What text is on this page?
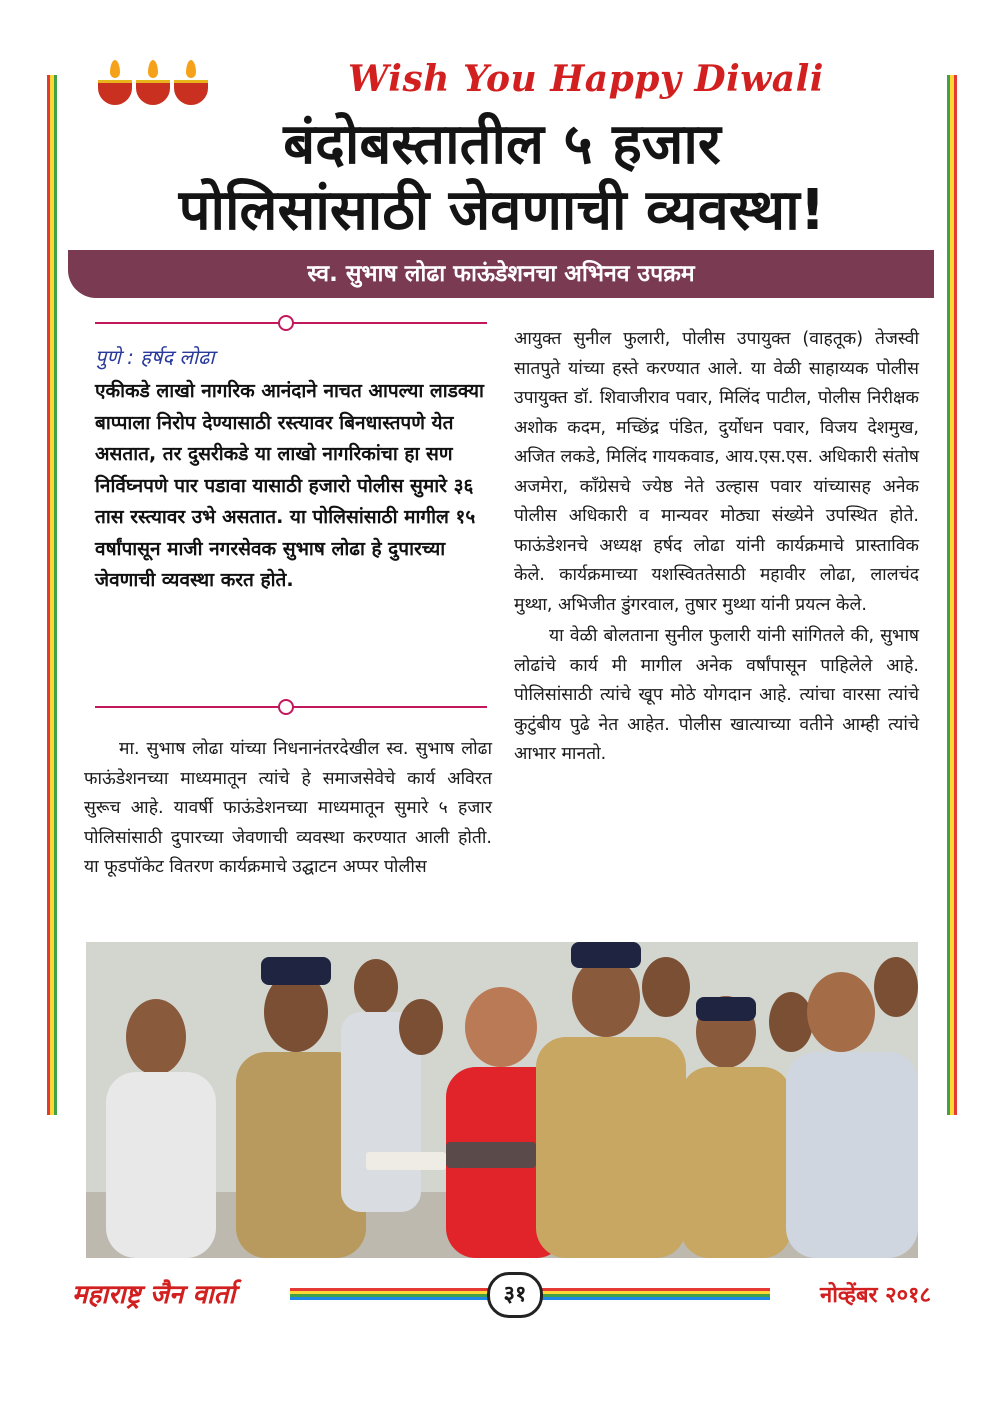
Wish You Happy Diwali
बंदोबस्तातील ५ हजार
पोलिसांसाठी जेवणाची व्यवस्था!
स्व. सुभाष लोढा फाऊंडेशनचा अभिनव उपक्रम
पुणे : हर्षद लोढा
एकीकडे लाखो नागरिक आनंदाने नाचत आपल्या लाडक्या बाप्पाला निरोप देण्यासाठी रस्त्यावर बिनधास्तपणे येत असतात, तर दुसरीकडे या लाखो नागरिकांचा हा सण निर्विघ्नपणे पार पडावा यासाठी हजारो पोलीस सुमारे ३६ तास रस्त्यावर उभे असतात. या पोलिसांसाठी मागील १५ वर्षांपासून माजी नगरसेवक सुभाष लोढा हे दुपारच्या जेवणाची व्यवस्था करत होते.
मा. सुभाष लोढा यांच्या निधनानंतरदेखील स्व. सुभाष लोढा फाऊंडेशनच्या माध्यमातून त्यांचे हे समाजसेवेचे कार्य अविरत सुरूच आहे. यावर्षी फाऊंडेशनच्या माध्यमातून सुमारे ५ हजार पोलिसांसाठी दुपारच्या जेवणाची व्यवस्था करण्यात आली होती. या फूडपॉकेट वितरण कार्यक्रमाचे उद्घाटन अप्पर पोलीस

आयुक्त सुनील फुलारी, पोलीस उपायुक्त (वाहतूक) तेजस्वी सातपुते यांच्या हस्ते करण्यात आले. या वेळी साहाय्यक पोलीस उपायुक्त डॉ. शिवाजीराव पवार, मिलिंद पाटील, पोलीस निरीक्षक अशोक कदम, मच्छिंद्र पंडित, दुर्योधन पवार, विजय देशमुख, अजित लकडे, मिलिंद गायकवाड, आय.एस.एस. अधिकारी संतोष अजमेरा, काँग्रेसचे ज्येष्ठ नेते उल्हास पवार यांच्यासह अनेक पोलीस अधिकारी व मान्यवर मोठ्या संख्येने उपस्थित होते. फाऊंडेशनचे अध्यक्ष हर्षद लोढा यांनी कार्यक्रमाचे प्रास्ताविक केले. कार्यक्रमाच्या यशस्विततेसाठी महावीर लोढा, लालचंद मुथ्था, अभिजीत डुंगरवाल, तुषार मुथ्था यांनी प्रयत्न केले.

या वेळी बोलताना सुनील फुलारी यांनी सांगितले की, सुभाष लोढांचे कार्य मी मागील अनेक वर्षांपासून पाहिलेले आहे. पोलिसांसाठी त्यांचे खूप मोठे योगदान आहे. त्यांचा वारसा त्यांचे कुटुंबीय पुढे नेत आहेत. पोलीस खात्याच्या वतीने आम्ही त्यांचे आभार मानतो.

महाराष्ट्र जैन वार्ता	३१	नोव्हेंबर २०१८
